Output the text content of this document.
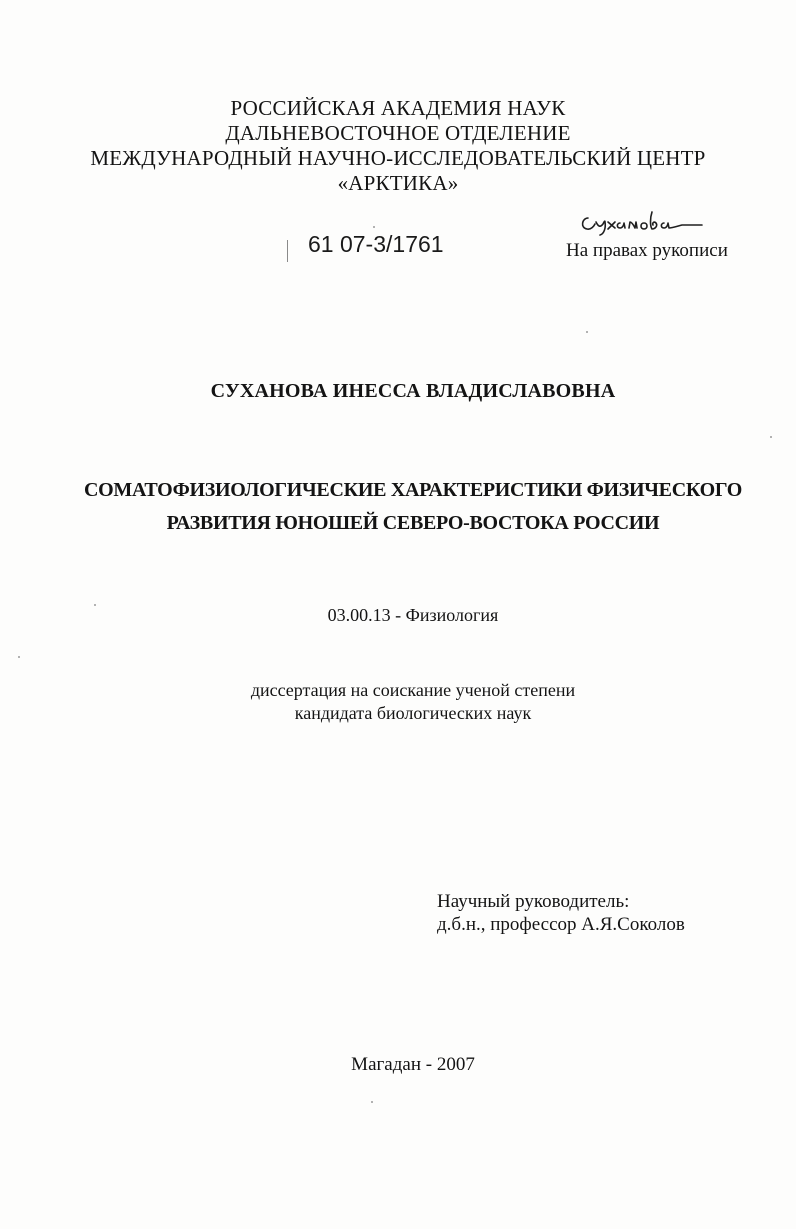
РОССИЙСКАЯ АКАДЕМИЯ НАУК
ДАЛЬНЕВОСТОЧНОЕ ОТДЕЛЕНИЕ
МЕЖДУНАРОДНЫЙ НАУЧНО-ИССЛЕДОВАТЕЛЬСКИЙ ЦЕНТР
«АРКТИКА»
61 07-3/1761	На правах рукописи
СУХАНОВА ИНЕССА ВЛАДИСЛАВОВНА
СОМАТОФИЗИОЛОГИЧЕСКИЕ ХАРАКТЕРИСТИКИ ФИЗИЧЕСКОГО
РАЗВИТИЯ ЮНОШЕЙ СЕВЕРО-ВОСТОКА РОССИИ
03.00.13 - Физиология
диссертация на соискание ученой степени
кандидата биологических наук
Научный руководитель:
д.б.н., профессор А.Я.Соколов
Магадан - 2007
